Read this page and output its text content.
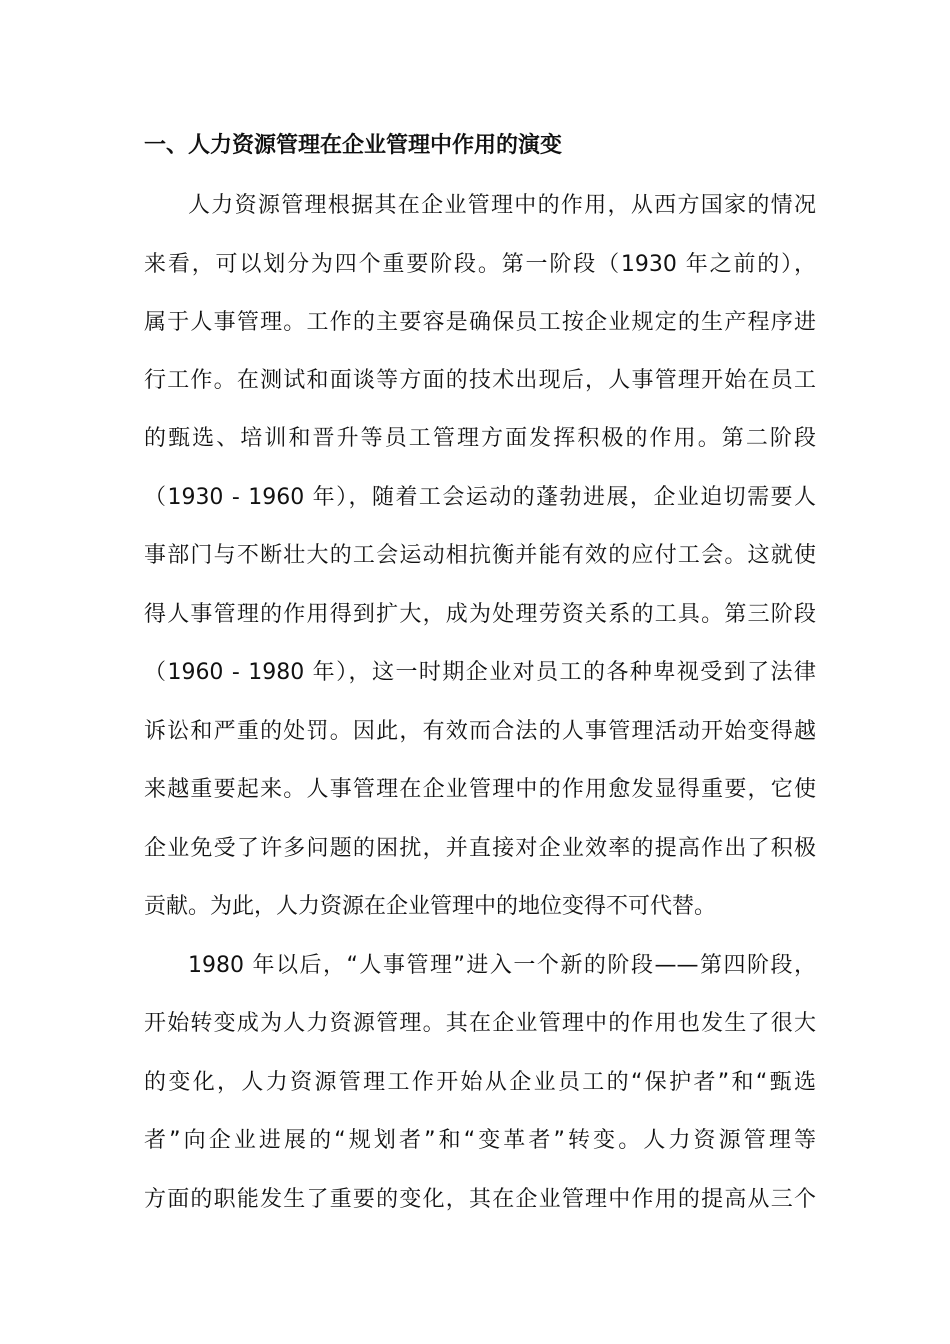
一、人力资源管理在企业管理中作用的演变
人力资源管理根据其在企业管理中的作用，从西方国家的情况
来看，可以划分为四个重要阶段。第一阶段（1930 年之前的），
属于人事管理。工作的主要容是确保员工按企业规定的生产程序进
行工作。在测试和面谈等方面的技术出现后，人事管理开始在员工
的甄选、培训和晋升等员工管理方面发挥积极的作用。第二阶段
（1930 - 1960 年），随着工会运动的蓬勃进展，企业迫切需要人
事部门与不断壮大的工会运动相抗衡并能有效的应付工会。这就使
得人事管理的作用得到扩大，成为处理劳资关系的工具。第三阶段
（1960 - 1980 年），这一时期企业对员工的各种卑视受到了法律
诉讼和严重的处罚。因此，有效而合法的人事管理活动开始变得越
来越重要起来。人事管理在企业管理中的作用愈发显得重要，它使
企业免受了许多问题的困扰，并直接对企业效率的提高作出了积极
贡献。为此，人力资源在企业管理中的地位变得不可代替。
1980 年以后，“人事管理”进入一个新的阶段——第四阶段，
开始转变成为人力资源管理。其在企业管理中的作用也发生了很大
的变化，人力资源管理工作开始从企业员工的“保护者”和“甄选
者”向企业进展的“规划者”和“变革者”转变。人力资源管理等
方面的职能发生了重要的变化，其在企业管理中作用的提高从三个
